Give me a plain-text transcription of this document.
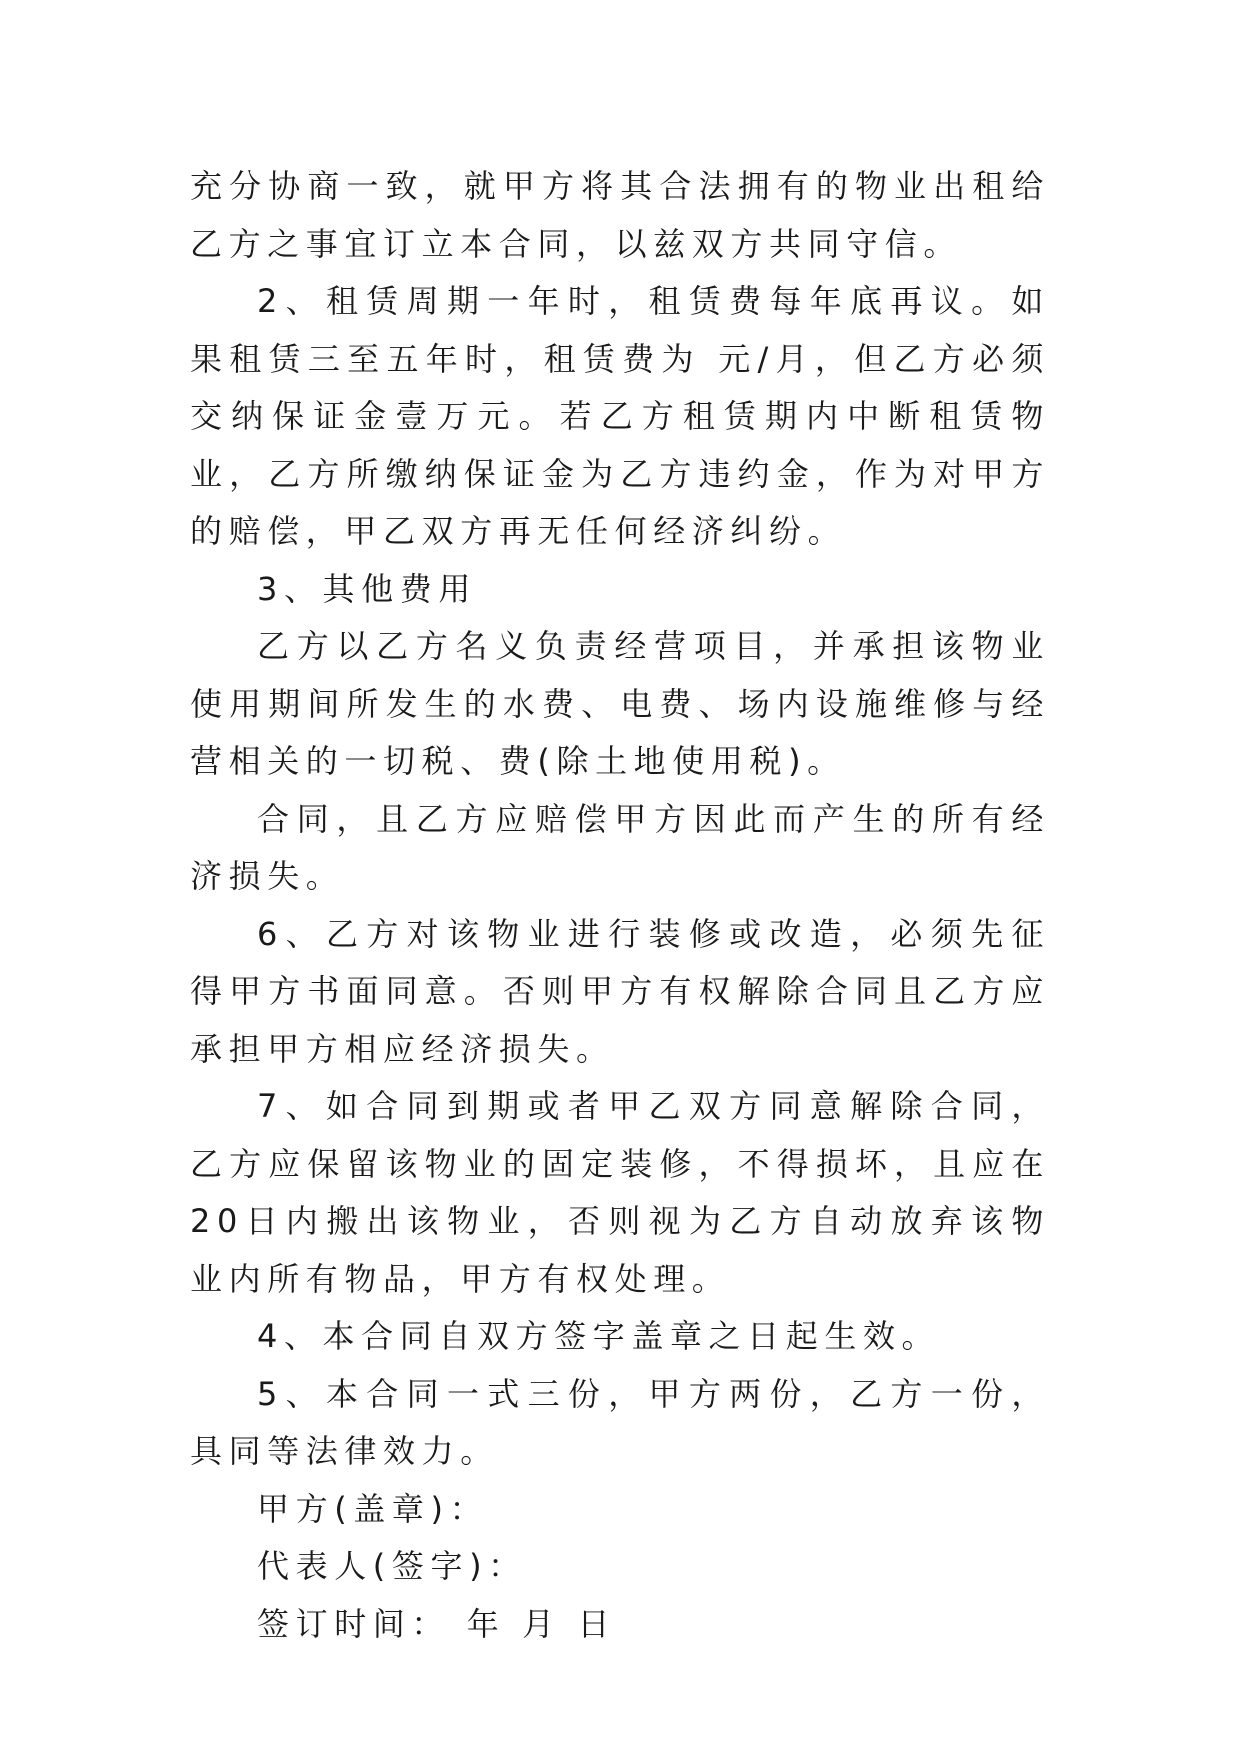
充分协商一致，就甲方将其合法拥有的物业出租给乙方之事宜订立本合同，以兹双方共同守信。

2、租赁周期一年时，租赁费每年底再议。如果租赁三至五年时，租赁费为 元/月，但乙方必须交纳保证金壹万元。若乙方租赁期内中断租赁物业，乙方所缴纳保证金为乙方违约金，作为对甲方的赔偿，甲乙双方再无任何经济纠纷。

3、其他费用

乙方以乙方名义负责经营项目，并承担该物业使用期间所发生的水费、电费、场内设施维修与经营相关的一切税、费(除土地使用税)。

合同，且乙方应赔偿甲方因此而产生的所有经济损失。

6、乙方对该物业进行装修或改造，必须先征得甲方书面同意。否则甲方有权解除合同且乙方应承担甲方相应经济损失。

7、如合同到期或者甲乙双方同意解除合同，乙方应保留该物业的固定装修，不得损坏，且应在20日内搬出该物业，否则视为乙方自动放弃该物业内所有物品，甲方有权处理。

4、本合同自双方签字盖章之日起生效。

5、本合同一式三份，甲方两份，乙方一份，具同等法律效力。

甲方(盖章)：

代表人(签字)：

签订时间： 年 月 日
